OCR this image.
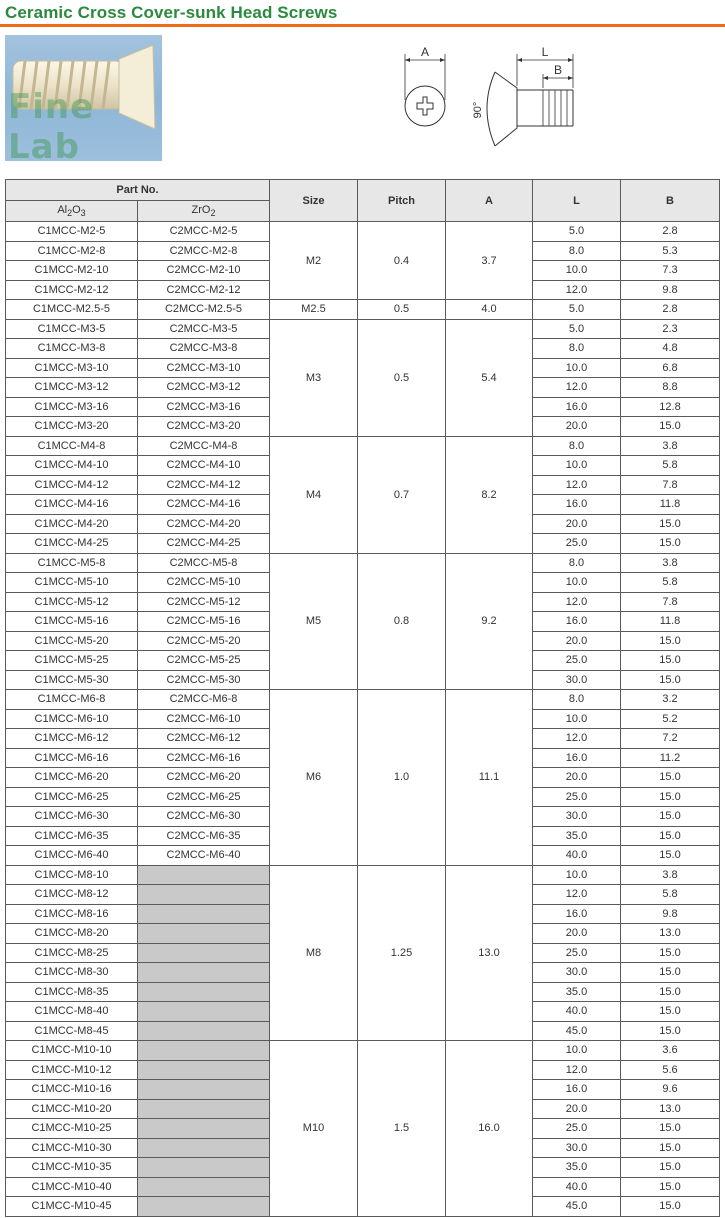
Ceramic Cross Cover-sunk Head Screws
Fine Lab
A	L
B
90°
Part No.		Size	Pitch	A	L	B
$Al_2O_3$	ZrO$_2$
C1MCC-M2-5	C2MCC-M2-5	M2	0.4	3.7	5.0	2.8
C1MCC-M2-8	C2MCC-M2-8				8.0	5.3
C1MCC-M2-10	C2MCC-M2-10				10.0	7.3
C1MCC-M2-12	C2MCC-M2-12				12.0	9.8
C1MCC-M2.5-5	C2MCC-M2.5-5	M2.5	0.5	4.0	5.0	2.8
C1MCC-M3-5	C2MCC-M3-5	M3	0.5	5.4	5.0	2.3
C1MCC-M3-8	C2MCC-M3-8				8.0	4.8
C1MCC-M3-10	C2MCC-M3-10				10.0	6.8
C1MCC-M3-12	C2MCC-M3-12				12.0	8.8
C1MCC-M3-16	C2MCC-M3-16				16.0	12.8
C1MCC-M3-20	C2MCC-M3-20				20.0	15.0
C1MCC-M4-8	C2MCC-M4-8	M4	0.7	8.2	8.0	3.8
C1MCC-M4-10	C2MCC-M4-10				10.0	5.8
C1MCC-M4-12	C2MCC-M4-12				12.0	7.8
C1MCC-M4-16	C2MCC-M4-16				16.0	11.8
C1MCC-M4-20	C2MCC-M4-20				20.0	15.0
C1MCC-M4-25	C2MCC-M4-25				25.0	15.0
C1MCC-M5-8	C2MCC-M5-8	M5	0.8	9.2	8.0	3.8
C1MCC-M5-10	C2MCC-M5-10				10.0	5.8
C1MCC-M5-12	C2MCC-M5-12				12.0	7.8
C1MCC-M5-16	C2MCC-M5-16				16.0	11.8
C1MCC-M5-20	C2MCC-M5-20				20.0	15.0
C1MCC-M5-25	C2MCC-M5-25				25.0	15.0
C1MCC-M5-30	C2MCC-M5-30				30.0	15.0
C1MCC-M6-8	C2MCC-M6-8	M6	1.0	11.1	8.0	3.2
C1MCC-M6-10	C2MCC-M6-10				10.0	5.2
C1MCC-M6-12	C2MCC-M6-12				12.0	7.2
C1MCC-M6-16	C2MCC-M6-16				16.0	11.2
C1MCC-M6-20	C2MCC-M6-20				20.0	15.0
C1MCC-M6-25	C2MCC-M6-25				25.0	15.0
C1MCC-M6-30	C2MCC-M6-30				30.0	15.0
C1MCC-M6-35	C2MCC-M6-35				35.0	15.0
C1MCC-M6-40	C2MCC-M6-40				40.0	15.0
C1MCC-M8-10		M8	1.25	13.0	10.0	3.8
C1MCC-M8-12					12.0	5.8
C1MCC-M8-16					16.0	9.8
C1MCC-M8-20					20.0	13.0
C1MCC-M8-25					25.0	15.0
C1MCC-M8-30					30.0	15.0
C1MCC-M8-35					35.0	15.0
C1MCC-M8-40					40.0	15.0
C1MCC-M8-45					45.0	15.0
C1MCC-M10-10		M10	1.5	16.0	10.0	3.6
C1MCC-M10-12					12.0	5.6
C1MCC-M10-16					16.0	9.6
C1MCC-M10-20					20.0	13.0
C1MCC-M10-25					25.0	15.0
C1MCC-M10-30					30.0	15.0
C1MCC-M10-35					35.0	15.0
C1MCC-M10-40					40.0	15.0
C1MCC-M10-45					45.0	15.0
